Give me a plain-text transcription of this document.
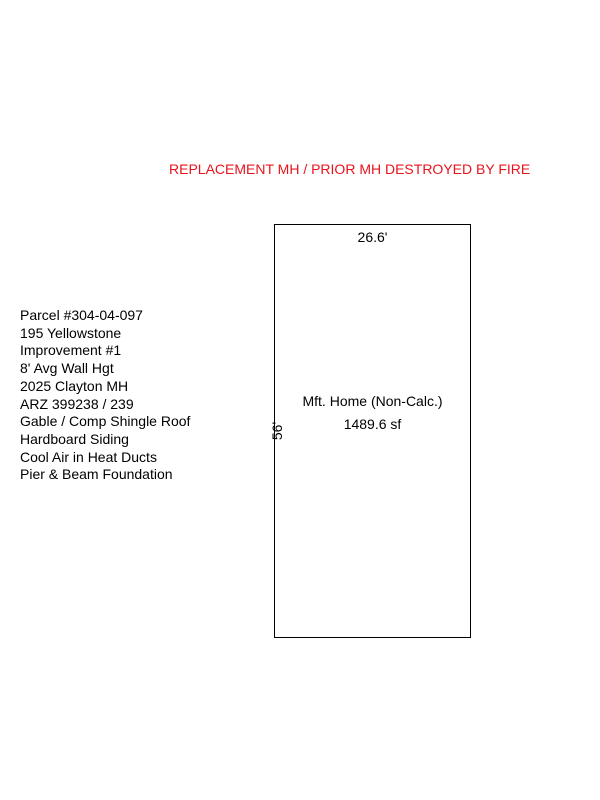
REPLACEMENT MH / PRIOR MH DESTROYED BY FIRE
Parcel #304-04-097
195 Yellowstone
Improvement #1
8' Avg Wall Hgt
2025 Clayton MH
ARZ 399238 / 239
Gable / Comp Shingle Roof
Hardboard Siding
Cool Air in Heat Ducts
Pier & Beam Foundation
26.6'
56'
Mft. Home (Non-Calc.)
1489.6 sf
